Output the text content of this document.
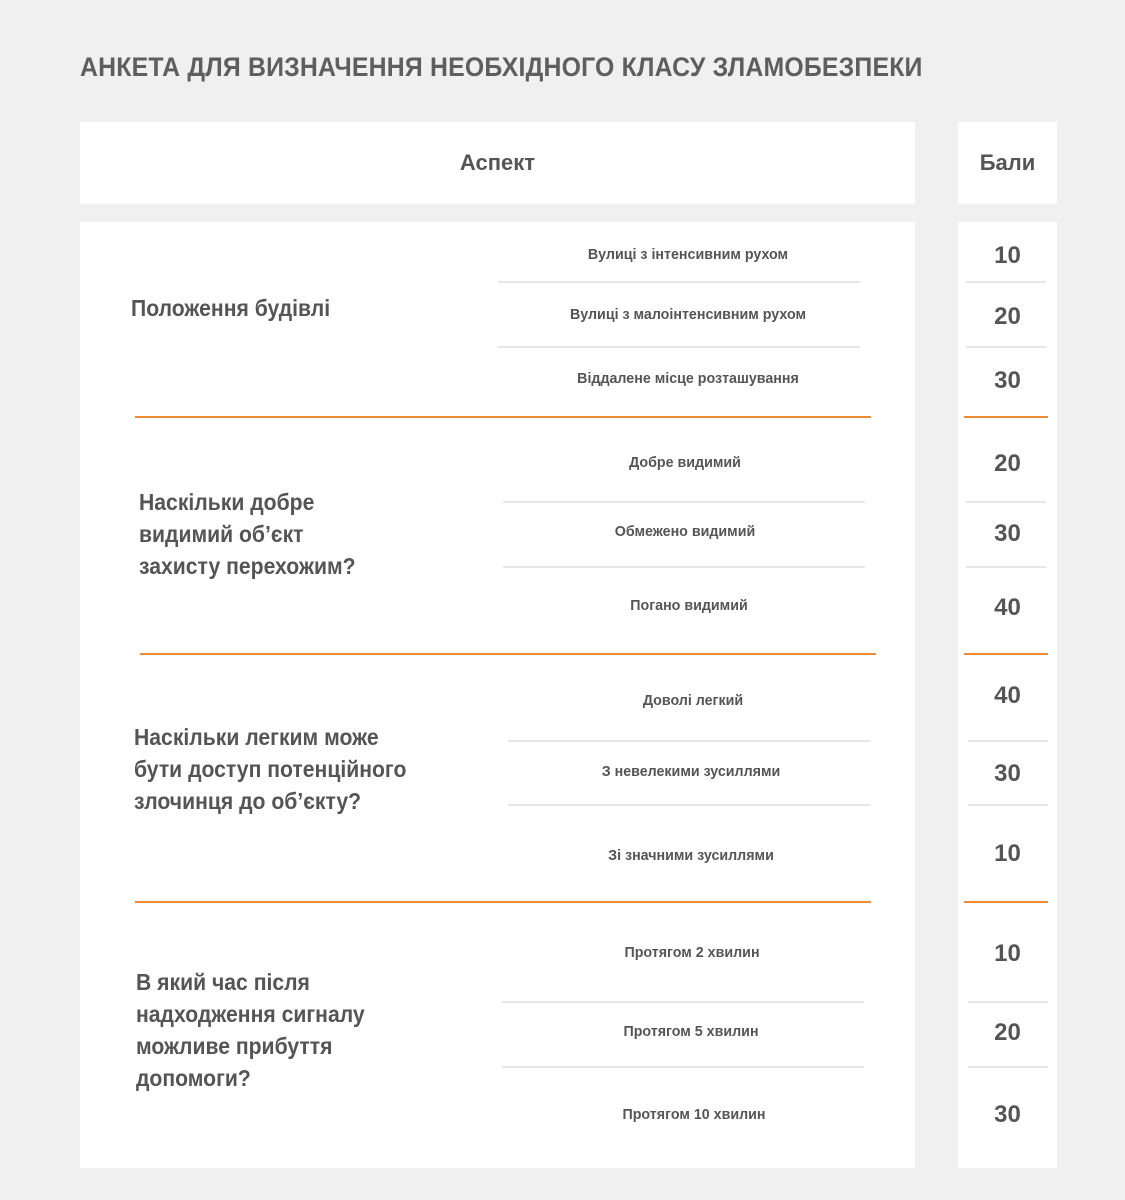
АНКЕТА ДЛЯ ВИЗНАЧЕННЯ НЕОБХІДНОГО КЛАСУ ЗЛАМОБЕЗПЕКИ
Аспект	Бали
Положення будівлі
Вулиці з інтенсивним рухом
Вулиці з малоінтенсивним рухом
Віддалене місце розташування
10
20
30
Наскільки добре
видимий об’єкт
захисту перехожим?
Добре видимий
Обмежено видимий
Погано видимий
20
30
40
Наскільки легким може
бути доступ потенційного
злочинця до об’єкту?
Доволі легкий
З невелекими зусиллями
Зі значними зусиллями
40
30
10
В який час після
надходження сигналу
можливе прибуття
допомоги?
Протягом 2 хвилин
Протягом 5 хвилин
Протягом 10 хвилин
10
20
30
